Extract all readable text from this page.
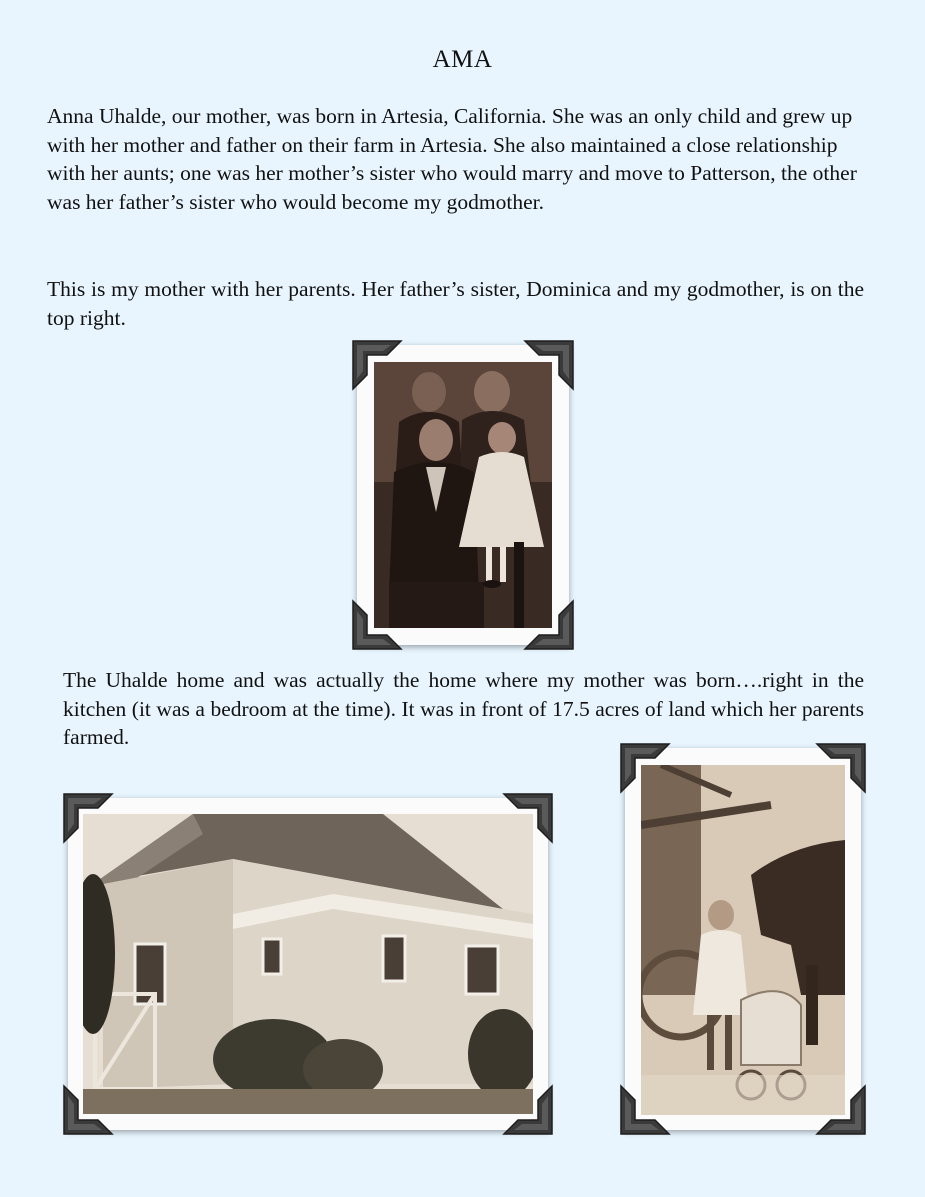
AMA
Anna Uhalde, our mother, was born in Artesia, California. She was an only child and grew up with her mother and father on their farm in Artesia. She also maintained a close relationship with her aunts; one was her mother’s sister who would marry and move to Patterson, the other was her father’s sister who would become my godmother.
This is my mother with her parents. Her father’s sister, Dominica and my godmother, is on the top right.
The Uhalde home and was actually the home where my mother was born….right in the kitchen (it was a bedroom at the time). It was in front of 17.5 acres of land which her parents farmed.
